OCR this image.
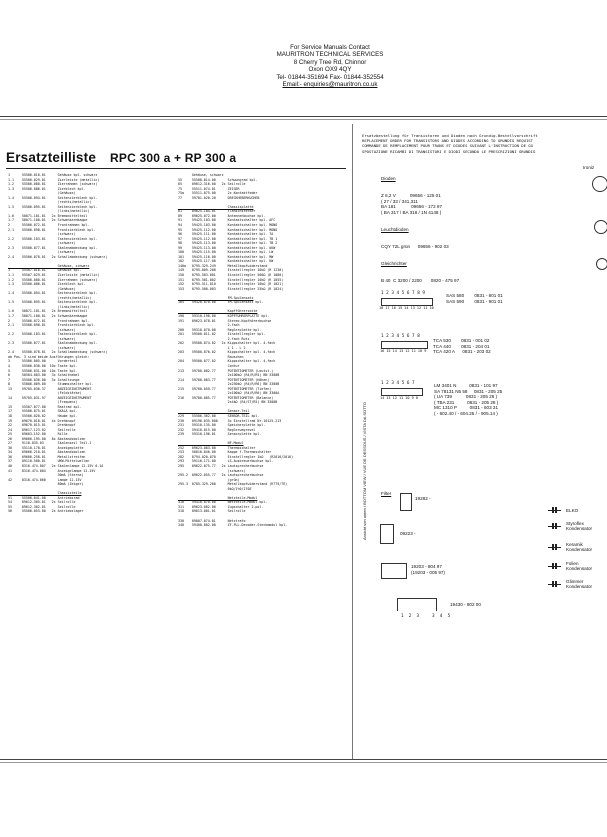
For Service Manuals Contact
MAURITRON TECHNICAL SERVICES
8 Cherry Tree Rd, Chinnor
Oxon OX9 4QY
Tel- 01844-351694 Fax- 01844-352554
Email:- enquiries@mauritron.co.uk
Ersatzteilliste RPC 300 a + RP 300 a
1      55506-016.01      Gehäuse kpl. schwarz
1.1    55506-029.01      Zierleiste (metallic)
1.2    55506-080.01      Zierrahmen (schwarz)
1.3    55506-086.01      Zierblech kpl.
(Gehäuse)
1.4    55506-094.01      Seitenzierblech kpl.
(rechts/metallic)
1.5    55506-095.01      Seitenzierblech kpl.
(links/metallic)
1.6    50071-101.01   2x Bremsmittelteil
1.7    50071-100.01   2x Schwenkarmkappe
2      55506-072.01      Frontrahmen kpl.
2.1    55506-098.01      Frontzierblech kpl.
(schwarz)
2.2    55506-103.01      Tastenzierblech kpl.
(schwarz)
2.3    55506-077.01      Skalenabdeckung kpl.
(schwarz)
2.4    55506-078.01   2x Schallabdeckung (schwarz)
Gehäuse, schwarz
1      55507-016.01      Gehäuse kpl.
1.1    55507-029.01      Zierleiste (metallic)
1.2    55506-080.01      Zierrahmen (schwarz)
1.3    55506-086.01      Zierblech kpl.
(Gehäuse)
1.4    55506-094.01      Seitenzierblech kpl.
(rechts/metallic)
1.5    55506-095.01      Seitenzierblech kpl.
(links/metallic)
1.6    50071-101.01   2x Bremsmittelteil
1.7    50071-100.01   2x Schwenkarmkappe
2      55506-072.01      Frontrahmen kpl.
2.1    55506-098.01      Frontzierblech kpl.
(schwarz)
2.2    55506-103.01      Tastenzierblech kpl.
(schwarz)
2.3    55506-077.01      Skalenabdeckung kpl.
(schwarz)
2.4    55506-078.01   2x Schallabdeckung (schwarz)
ab Pos. 3 sind beide Ausführungen gleich:
3      55506-005.00      Vorderteil
4      55506-030.00  10x Taste kpl.
5      55506-031.00  10x Taste kpl.
6      50504-003.00   3x Schalthebel
7      55506-036.00   3x Schaltzunge
8      55006-009.00      Stummschalter kpl.
13     59705-036.37      ANZEIGEINSTRUMENT
(Feldstärke)
14     59705-031.97      ANZEIGEINSTRUMENT
(Frequenz)
15     55507-077.00      Rastrad kpl.
17     55506-075.01      SKALA kpl.
18     55506-020.02      Haube kpl.
19     09670-018.01   4x Drehknopf
22     09670-015.01      Drehknopf
24     09617-123.02      Seilrolle
25     09603-152.00      Rille
26     09666-195.00   8x Abstandsbolzen
27     9116-035.03       Skalenseil Teil.1
30     55110-178.01      Anzeigeplatte
34     09666-210.01      Abstandsbolzen
36     09606-258.01      Metallstreifen
37     09110-580.01      UKW-Mittelwellen
40     8316-474.007   2x Skalenlampe 12-15V 0.1A
41     8316-474.004      Anzeigelampe 12-15V
30mA (Sterne)
42     8316-474.060      Lampe 12-15V
80mA (Zeiger)
Chassisteile
51     55506-041.00      Antriebsrad
54     09612-305.01   2x Seilrolle
55     09612-302.01      Seilrolle
56     55506-053.00   2x Antriebslager
Gehäuse, schwarz
55     55508-014.00      Schwungrad kpl.
65     09612-316.00   2x Seilrolle
75     55511-074.01      ZEIGER
75a    55511-075.00      2x Kontaktfeder
77     59701-020.20      DRECKHEBERKUCHEN
Chassisplatte
81     09625-184.01      Flanschstecker
89     09625-072.00      Antennenbuchse kpl.
91     59425-103.00      Kontaktschalter kpl. AFC
94     59425-103.00      Kontaktschalter kpl. MONO
95     59425-112.00      Kontaktschalter kpl. MONO
96     59425-111.00      Kontaktschalter kpl. TA
97     59425-112.00      Kontaktschalter kpl. TB 1
98     59425-113.00      Kontaktschalter kpl. TB 2
99     59425-113.00      Kontaktschalter kpl. UKW
100    59425-115.00      Kontaktschalter kpl. LW
101    59425-116.00      Kontaktschalter kpl. MW
102    59425-117.00      Kontaktschalter kpl. KW
140a   0795-329.249      Metallkopfwiderstand
149    0795-009.208      Einstellregler 10kΩ (R 1230)
150    0795-503.001      Einstellregler 500Ω (R 1080)
151    0795-501.002      Einstellregler 10kΩ (R 1055)
152    0795-511.010      Einstellregler 10kΩ (R 1021)
153    0795-500.003      Einstellregler 25kΩ (R 1024)
FM-Spulensatz
165    59420-070.00      FM-Spulensatz kpl.
Kopfführerseite
190    59310-198.00      KOPFFÜHRERPLATTE kpl.
191    09623-078.01      Stereo-Kopfhörerbuchse
2-fach
200    59310-070.00      Reglerplatte kpl.
201    59500-011.02      Einstellregler kpl.
2-fach Rutz
202    59500-074.02   2x Kippschalter kpl. 4-fach
L 1 - L 2
203    59500-076.02      Kippschalter kpl. 4-fach
Rauschen
204    59500-077.02      Kippschalter kpl. 4-fach
Contur
213    59700-082.77      POTENTIOMETER (Loutst.)
2x100kΩ (R4/R/R5) BN 3300B
214    59700-083.77      POTENTIOMETER (Höhen)
2x250kΩ (R4/R/R6) BN 3300B
215    59700-059.77      POTENTIOMETER (Tiefen)
2x100kΩ (R4/R/R6) BN 3300A
216    59700-085.77      POTENTIOMETER (Balance)
2x4kΩ (R4/ST/R5) BN 3300B
Sensor-Teil
229    55506-362.00      SENSOR-TEIL kpl.
230    09196-035.000     5x Einstellrad Nr.10125-213
231    59310-135.00      Speicherplatte kpl.
232    59410-015.00      Reglerwegrevel
239    59310-196.01      Sensorplatte kpl.
NF-Modul
252    09623-083.00      Thermoschalter
253    50016-046.00      Kappe f.Thermoschalter
282    8794-020.070      Einstellregler 1kΩ   (R2016/2016)
293    59116-171.00      LS-Ausbreuerbuchse kpl.
295    09622-075.77   2x Lautsprecherbuchse
(schwarz)
295.2  09622-055.77   2x Lautsprecherbuchse
(grün)
295.3  0785-329.200      Metallkopfwiderstand (R779/7Π)
0kΩ/1%0/270E
Netzteile-Modul
310    59410-070.00      Netzteile-Modul kpl.
311    09623-082.00      Zugschalter 2-pol.
318    09613-001.01      Seilrolle
330    09007-074.01      Netztrafo
340    59400-802.00      ZF-PLL-Decoder-Steckmodul kpl.
Ersatzbestellung für Transistoren und Dioden nach Grundig-Bestellvorschrift
REPLACEMENT ORDER FOR TRANSISTORS AND DIODES ACCORDING TO GRUNDIG REQUIST
COMMANDE DE REMPLACEMENT POUR TRANS ET DIODES SUIVANT L'INSTRUCTION DE GG
SPOSTAZIONE RICAMBI DI TRANSISTORI E DIODI SECONDO LE PRESCRIZIONI GRUNDIG
Ansicht von unten / BOTTOM VIEW / VUE DE DESSOUS / VISTA DA SOTTO

Dioden

Z 6,2 V           09656 - 125 01
( 27 / 33 / 341,311
BA 181            09656 - 172 97
( BA 317 / BA 318 / 1N 4148 )

Ironiz

Leuchtdioden

CQY 72L grün      09656 - 902 03

Gleichrichter

B 40  C 3200 / 2200       0820 - 475 97

1 2 3 4 5 6 7 8 9
18 17 16 15 14 13 12 11 10
SAS 580        0831 - 801 01
SAS 590        0831 - 901 01
1 2 3 4 5 6 7 8
16 15 14 13 12 11 10 9
TCA 530        0831 - 001 02
TCA 440        0831 - 204 01
TCA 420 A      0831 - 203 02
1 2 3 4 5 6 7
14 13 12 11 10 9 8
LM 3401 N          0831 - 101 97
SA 78131 N5 58     0831 - 205 25
( UA 739           0831 - 205 26 )
( TBA 231          0831 - 205 28 )
MC 1310 P          0831 - 603 31
( - 602.40 / - 604.25 / - 905.14 )

Filter

19282 -
09223 -
19203 - 804 97
(19203 - 005 97)
19430 - 802 00
1  2  3     3  4  5
ELKO
Styroflex
Kondensator
Keramik
Kondensator
Folien
Kondensator
Glimmer
Kondensator
